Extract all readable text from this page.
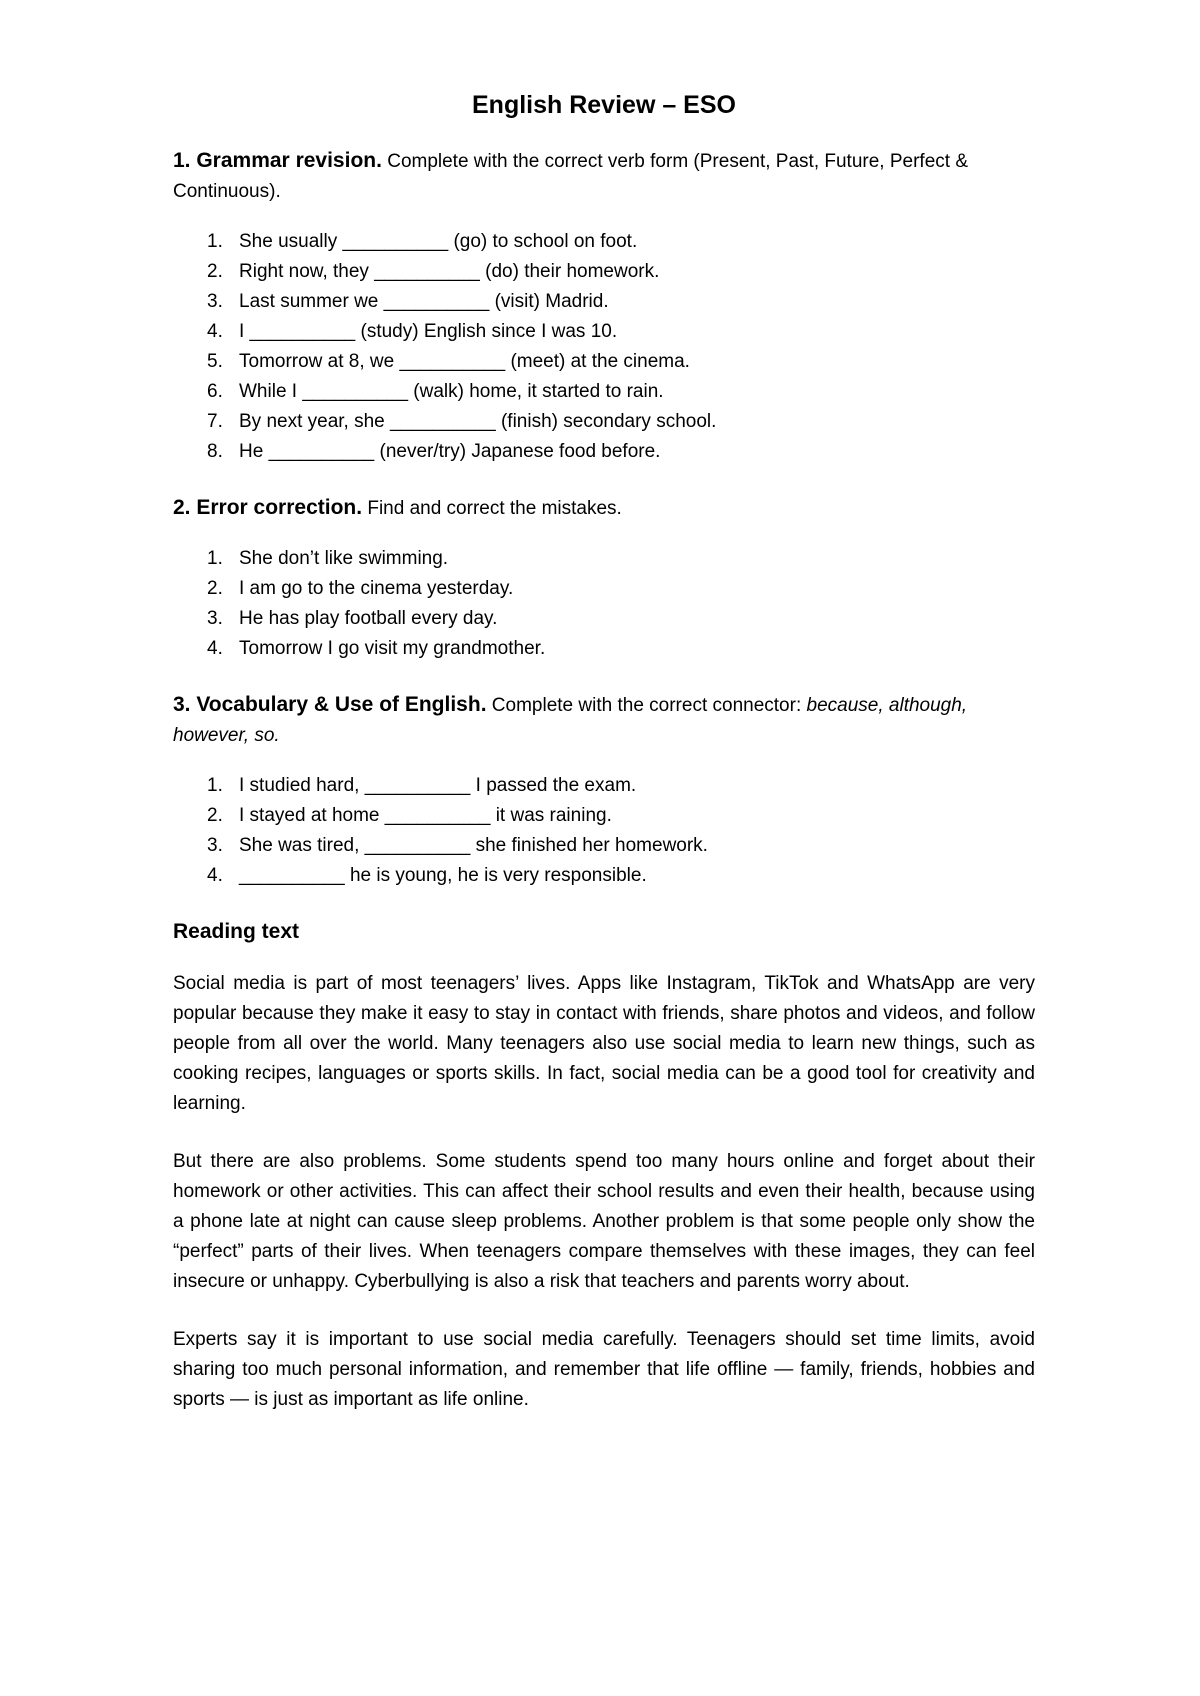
English Review – ESO

1. Grammar revision. Complete with the correct verb form (Present, Past, Future, Perfect & Continuous).

1. She usually __________ (go) to school on foot.
2. Right now, they __________ (do) their homework.
3. Last summer we __________ (visit) Madrid.
4. I __________ (study) English since I was 10.
5. Tomorrow at 8, we __________ (meet) at the cinema.
6. While I __________ (walk) home, it started to rain.
7. By next year, she __________ (finish) secondary school.
8. He __________ (never/try) Japanese food before.

2. Error correction. Find and correct the mistakes.

1. She don’t like swimming.
2. I am go to the cinema yesterday.
3. He has play football every day.
4. Tomorrow I go visit my grandmother.

3. Vocabulary & Use of English. Complete with the correct connector: because, although, however, so.

1. I studied hard, __________ I passed the exam.
2. I stayed at home __________ it was raining.
3. She was tired, __________ she finished her homework.
4. __________ he is young, he is very responsible.
Reading text

Social media is part of most teenagers’ lives. Apps like Instagram, TikTok and WhatsApp are very popular because they make it easy to stay in contact with friends, share photos and videos, and follow people from all over the world. Many teenagers also use social media to learn new things, such as cooking recipes, languages or sports skills. In fact, social media can be a good tool for creativity and learning.

But there are also problems. Some students spend too many hours online and forget about their homework or other activities. This can affect their school results and even their health, because using a phone late at night can cause sleep problems. Another problem is that some people only show the “perfect” parts of their lives. When teenagers compare themselves with these images, they can feel insecure or unhappy. Cyberbullying is also a risk that teachers and parents worry about.

Experts say it is important to use social media carefully. Teenagers should set time limits, avoid sharing too much personal information, and remember that life offline — family, friends, hobbies and sports — is just as important as life online.
